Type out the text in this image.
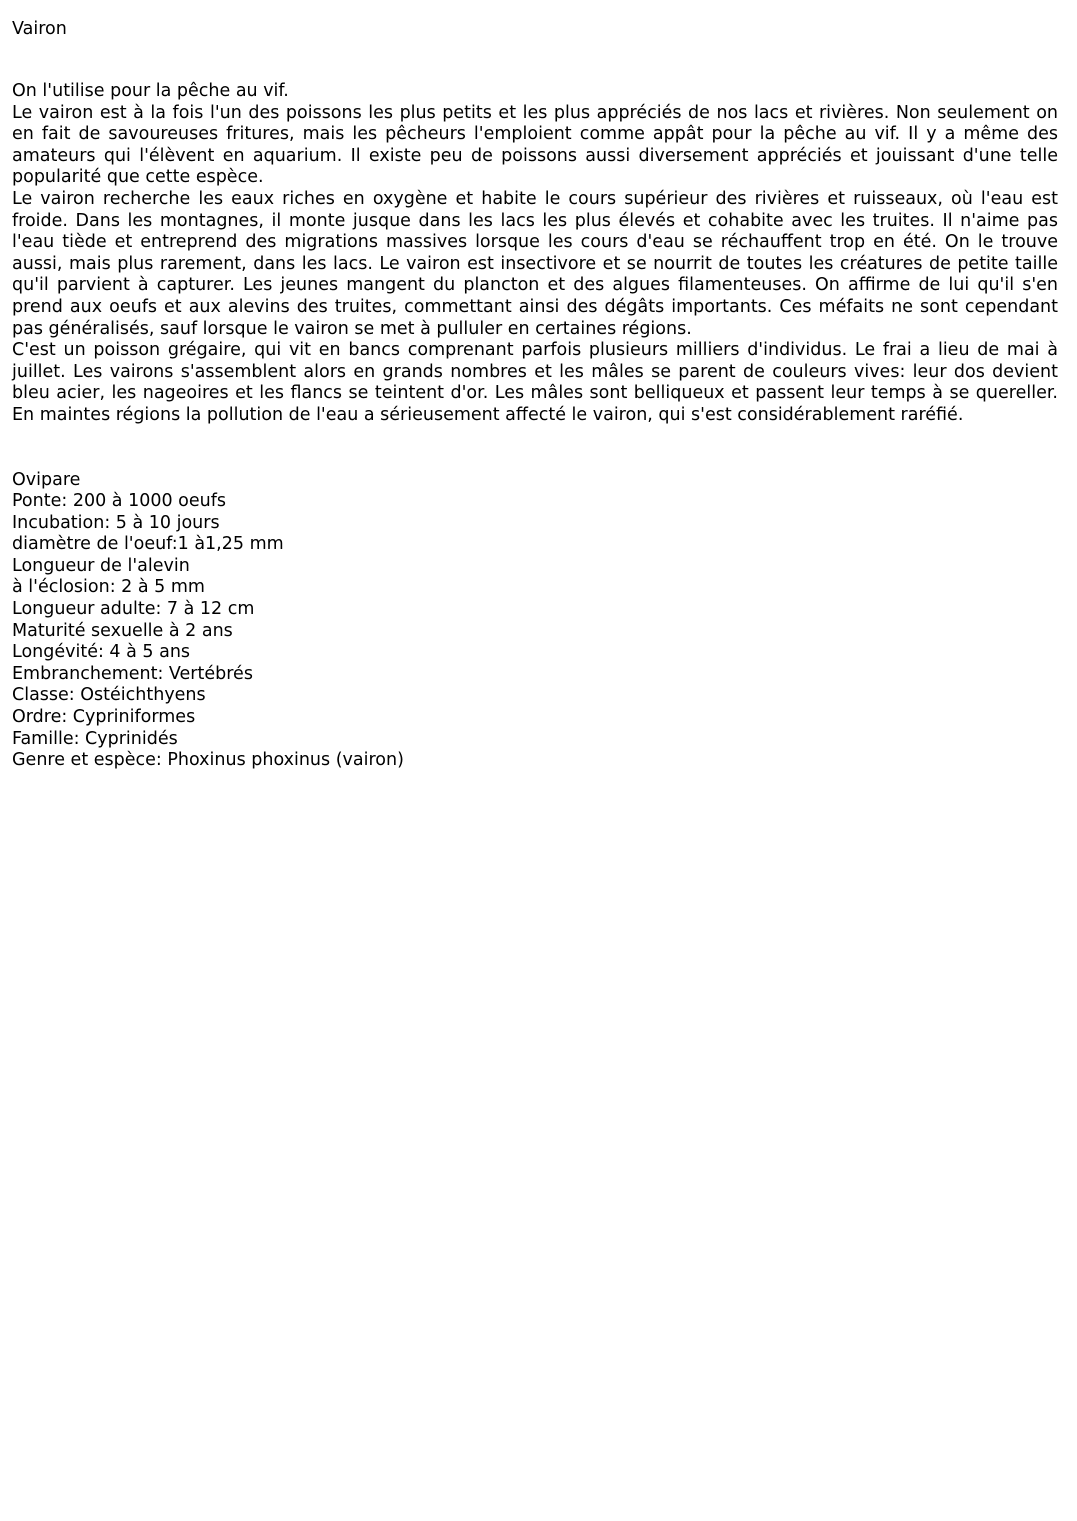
Vairon

On l'utilise pour la pêche au vif.

Le vairon est à la fois l'un des poissons les plus petits et les plus appréciés de nos lacs et rivières. Non seulement on en fait de savoureuses fritures, mais les pêcheurs l'emploient comme appât pour la pêche au vif. Il y a même des amateurs qui l'élèvent en aquarium. Il existe peu de poissons aussi diversement appréciés et jouissant d'une telle popularité que cette espèce.

Le vairon recherche les eaux riches en oxygène et habite le cours supérieur des rivières et ruisseaux, où l'eau est froide. Dans les montagnes, il monte jusque dans les lacs les plus élevés et cohabite avec les truites. Il n'aime pas l'eau tiède et entreprend des migrations massives lorsque les cours d'eau se réchauffent trop en été. On le trouve aussi, mais plus rarement, dans les lacs. Le vairon est insectivore et se nourrit de toutes les créatures de petite taille qu'il parvient à capturer. Les jeunes mangent du plancton et des algues filamenteuses. On affirme de lui qu'il s'en prend aux oeufs et aux alevins des truites, commettant ainsi des dégâts importants. Ces méfaits ne sont cependant pas généralisés, sauf lorsque le vairon se met à pulluler en certaines régions.

C'est un poisson grégaire, qui vit en bancs comprenant parfois plusieurs milliers d'individus. Le frai a lieu de mai à juillet. Les vairons s'assemblent alors en grands nombres et les mâles se parent de couleurs vives: leur dos devient bleu acier, les nageoires et les flancs se teintent d'or. Les mâles sont belliqueux et passent leur temps à se quereller. En maintes régions la pollution de l'eau a sérieusement affecté le vairon, qui s'est considérablement raréfié.

Ovipare
Ponte: 200 à 1000 oeufs
Incubation: 5 à 10 jours
diamètre de l'oeuf:1 à1,25 mm
Longueur de l'alevin
à l'éclosion: 2 à 5 mm
Longueur adulte: 7 à 12 cm
Maturité sexuelle à 2 ans
Longévité: 4 à 5 ans
Embranchement: Vertébrés
Classe: Ostéichthyens
Ordre: Cypriniformes
Famille: Cyprinidés
Genre et espèce: Phoxinus phoxinus (vairon)
